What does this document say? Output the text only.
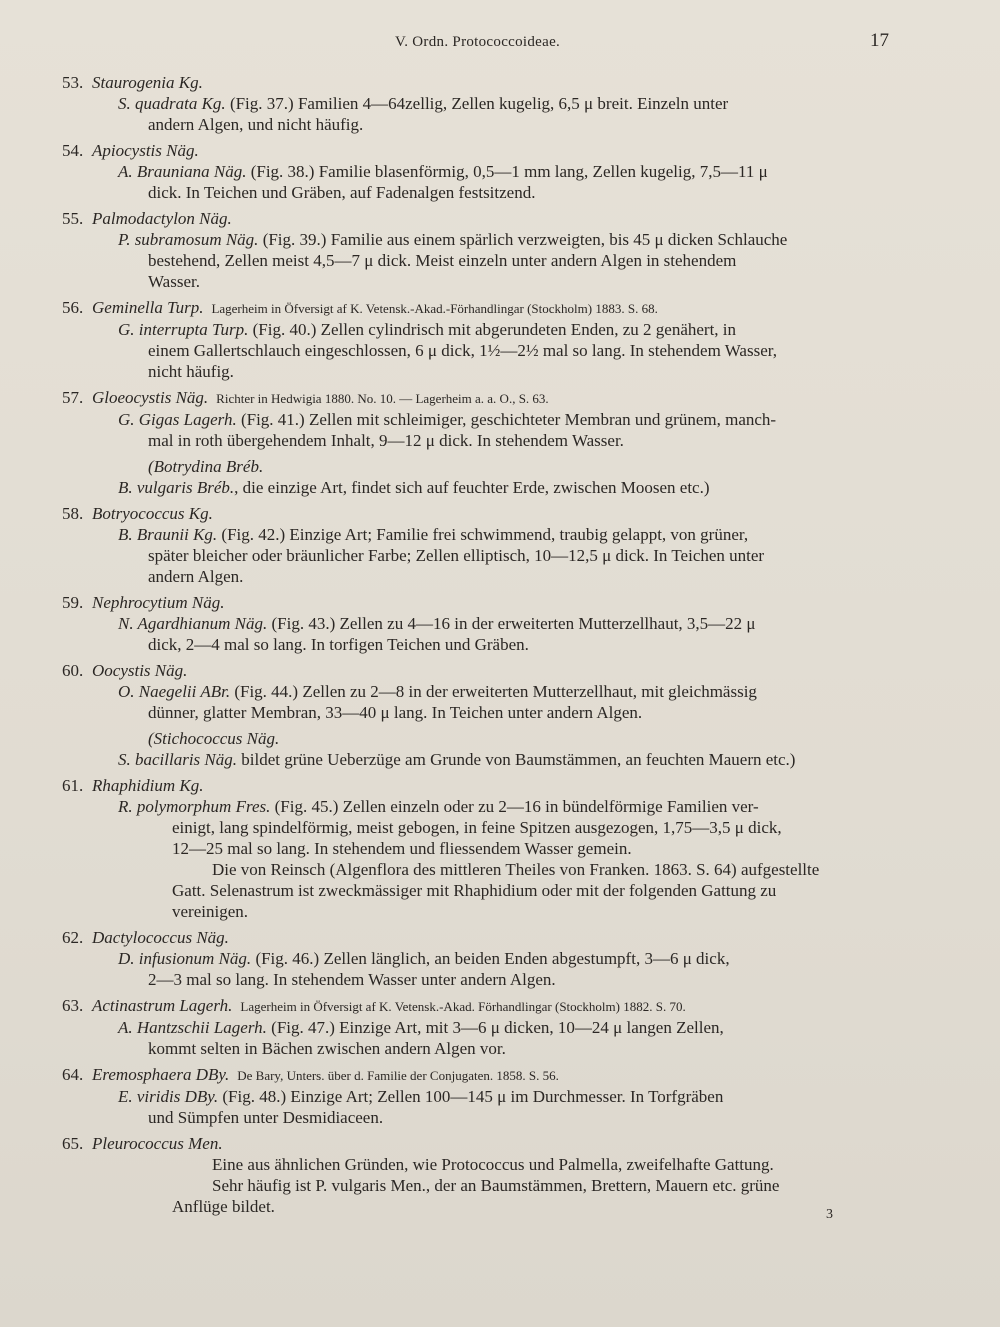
V. Ordn. Protococcoideae.	17
53. Staurogenia Kg.
S. quadrata Kg. (Fig. 37.) Familien 4—64zellig, Zellen kugelig, 6,5 μ breit. Einzeln unter
andern Algen, und nicht häufig.
54. Apiocystis Näg.
A. Brauniana Näg. (Fig. 38.) Familie blasenförmig, 0,5—1 mm lang, Zellen kugelig, 7,5—11 μ
dick. In Teichen und Gräben, auf Fadenalgen festsitzend.
55. Palmodactylon Näg.
P. subramosum Näg. (Fig. 39.) Familie aus einem spärlich verzweigten, bis 45 μ dicken Schlauche
bestehend, Zellen meist 4,5—7 μ dick. Meist einzeln unter andern Algen in stehendem
Wasser.
56. Geminella Turp. Lagerheim in Öfversigt af K. Vetensk.-Akad.-Förhandlingar (Stockholm) 1883. S. 68.
G. interrupta Turp. (Fig. 40.) Zellen cylindrisch mit abgerundeten Enden, zu 2 genähert, in
einem Gallertschlauch eingeschlossen, 6 μ dick, 1½—2½ mal so lang. In stehendem Wasser,
nicht häufig.
57. Gloeocystis Näg. Richter in Hedwigia 1880. No. 10. — Lagerheim a. a. O., S. 63.
G. Gigas Lagerh. (Fig. 41.) Zellen mit schleimiger, geschichteter Membran und grünem, manch-
mal in roth übergehendem Inhalt, 9—12 μ dick. In stehendem Wasser.
(Botrydina Bréb.
B. vulgaris Bréb., die einzige Art, findet sich auf feuchter Erde, zwischen Moosen etc.)
58. Botryococcus Kg.
B. Braunii Kg. (Fig. 42.) Einzige Art; Familie frei schwimmend, traubig gelappt, von grüner,
später bleicher oder bräunlicher Farbe; Zellen elliptisch, 10—12,5 μ dick. In Teichen unter
andern Algen.
59. Nephrocytium Näg.
N. Agardhianum Näg. (Fig. 43.) Zellen zu 4—16 in der erweiterten Mutterzellhaut, 3,5—22 μ
dick, 2—4 mal so lang. In torfigen Teichen und Gräben.
60. Oocystis Näg.
O. Naegelii ABr. (Fig. 44.) Zellen zu 2—8 in der erweiterten Mutterzellhaut, mit gleichmässig
dünner, glatter Membran, 33—40 μ lang. In Teichen unter andern Algen.
(Stichococcus Näg.
S. bacillaris Näg. bildet grüne Ueberzüge am Grunde von Baumstämmen, an feuchten Mauern etc.)
61. Rhaphidium Kg.
R. polymorphum Fres. (Fig. 45.) Zellen einzeln oder zu 2—16 in bündelförmige Familien ver-
einigt, lang spindelförmig, meist gebogen, in feine Spitzen ausgezogen, 1,75—3,5 μ dick,
12—25 mal so lang. In stehendem und fliessendem Wasser gemein.
Die von Reinsch (Algenflora des mittleren Theiles von Franken. 1863. S. 64) aufgestellte
Gatt. Selenastrum ist zweckmässiger mit Rhaphidium oder mit der folgenden Gattung zu
vereinigen.
62. Dactylococcus Näg.
D. infusionum Näg. (Fig. 46.) Zellen länglich, an beiden Enden abgestumpft, 3—6 μ dick,
2—3 mal so lang. In stehendem Wasser unter andern Algen.
63. Actinastrum Lagerh. Lagerheim in Öfversigt af K. Vetensk.-Akad. Förhandlingar (Stockholm) 1882. S. 70.
A. Hantzschii Lagerh. (Fig. 47.) Einzige Art, mit 3—6 μ dicken, 10—24 μ langen Zellen,
kommt selten in Bächen zwischen andern Algen vor.
64. Eremosphaera DBy. De Bary, Unters. über d. Familie der Conjugaten. 1858. S. 56.
E. viridis DBy. (Fig. 48.) Einzige Art; Zellen 100—145 μ im Durchmesser. In Torfgräben
und Sümpfen unter Desmidiaceen.
65. Pleurococcus Men.
Eine aus ähnlichen Gründen, wie Protococcus und Palmella, zweifelhafte Gattung.
Sehr häufig ist P. vulgaris Men., der an Baumstämmen, Brettern, Mauern etc. grüne
Anflüge bildet.	3
